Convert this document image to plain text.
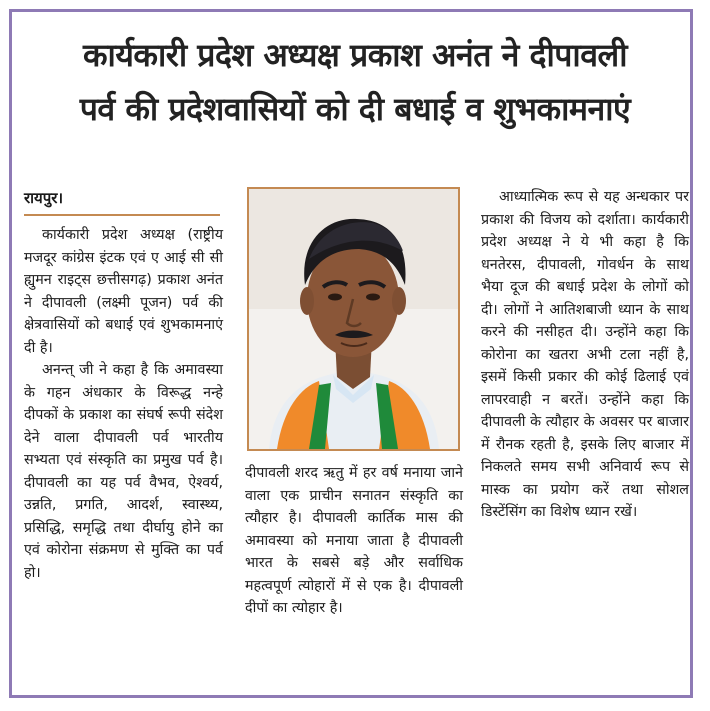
कार्यकारी प्रदेश अध्यक्ष प्रकाश अनंत ने दीपावली
पर्व की प्रदेशवासियों को दी बधाई व शुभकामनाएं
रायपुर।

कार्यकारी प्रदेश अध्यक्ष (राष्ट्रीय मजदूर कांग्रेस इंटक एवं ए आई सी सी ह्युमन राइट्स छत्तीसगढ़) प्रकाश अनंत ने दीपावली (लक्ष्मी पूजन) पर्व की क्षेत्रवासियों को बधाई एवं शुभकामनाएं दी है।

अनन्त् जी ने कहा है कि अमावस्या के गहन अंधकार के विरूद्ध नन्हे दीपकों के प्रकाश का संघर्ष रूपी संदेश देने वाला दीपावली पर्व भारतीय सभ्यता एवं संस्कृति का प्रमुख पर्व है। दीपावली का यह पर्व वैभव, ऐश्वर्य, उन्नति, प्रगति, आदर्श, स्वास्थ्य, प्रसिद्धि, समृद्धि तथा दीर्घायु होने का एवं कोरोना संक्रमण से मुक्ति का पर्व हो।

दीपावली शरद ऋतु में हर वर्ष मनाया जाने वाला एक प्राचीन सनातन संस्कृति का त्यौहार है। दीपावली कार्तिक मास की अमावस्या को मनाया जाता है दीपावली भारत के सबसे बड़े और सर्वाधिक महत्वपूर्ण त्योहारों में से एक है। दीपावली दीपों का त्योहार है।

आध्यात्मिक रूप से यह अन्धकार पर प्रकाश की विजय को दर्शाता। कार्यकारी प्रदेश अध्यक्ष ने ये भी कहा है कि धनतेरस, दीपावली, गोवर्धन के साथ भैया दूज की बधाई प्रदेश के लोगों को दी। लोगों ने आतिशबाजी ध्यान के साथ करने की नसीहत दी। उन्होंने कहा कि कोरोना का खतरा अभी टला नहीं है, इसमें किसी प्रकार की कोई ढिलाई एवं लापरवाही न बरतें। उन्होंने कहा कि दीपावली के त्यौहार के अवसर पर बाजार में रौनक रहती है, इसके लिए बाजार में निकलते समय सभी अनिवार्य रूप से मास्क का प्रयोग करें तथा सोशल डिस्टेंसिंग का विशेष ध्यान रखें।
